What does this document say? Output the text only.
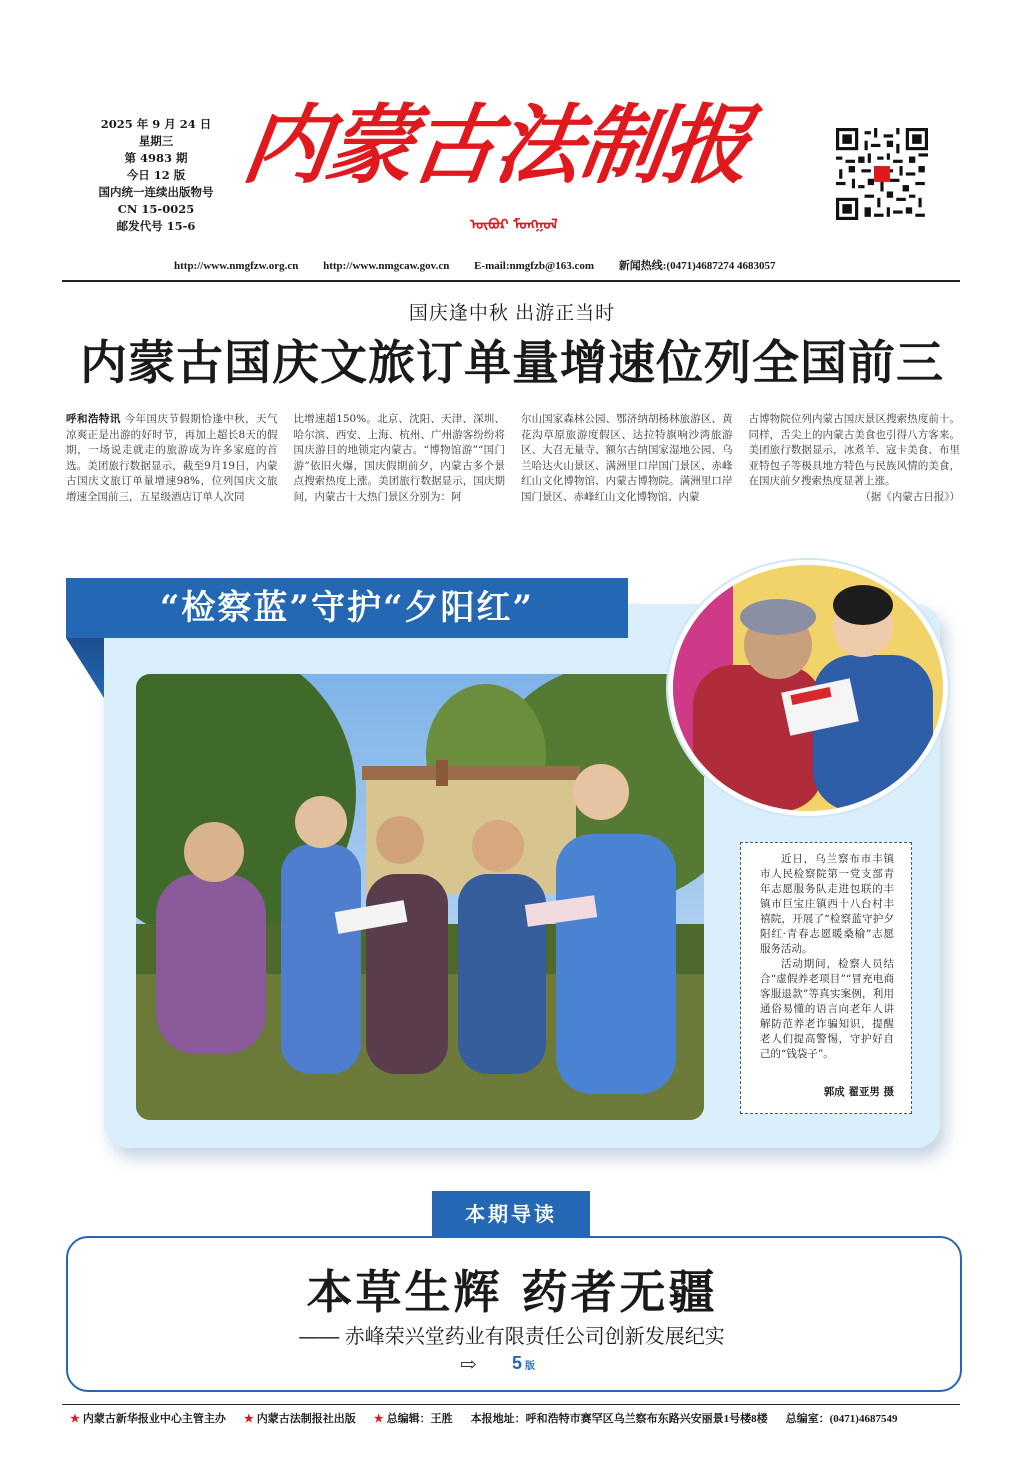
2025 年 9 月 24 日
星期三
第 4983 期
今日 12 版
国内统一连续出版物号
CN 15-0025
邮发代号 15-6
内蒙古法制报
ᠥᠪᠦᠷ ᠮᠣᠩᠭᠣᠯ
http://www.nmgfzw.org.cn http://www.nmgcaw.gov.cn E-mail:nmgfzb@163.com 新闻热线:(0471)4687274 4683057
国庆逢中秋 出游正当时
内蒙古国庆文旅订单量增速位列全国前三
呼和浩特讯 今年国庆节假期恰逢中秋，天气凉爽正是出游的好时节，再加上超长8天的假期，一场说走就走的旅游成为许多家庭的首选。美团旅行数据显示，截至9月19日，内蒙古国庆文旅订单量增速98%，位列国庆文旅增速全国前三，五星级酒店订单人次同
比增速超150%。北京、沈阳、天津、深圳、哈尔滨、西安、上海、杭州、广州游客纷纷将国庆游目的地锁定内蒙古。“博物馆游”“国门游”依旧火爆，国庆假期前夕，内蒙古多个景点搜索热度上涨。美团旅行数据显示，国庆期间，内蒙古十大热门景区分别为：阿
尔山国家森林公园、鄂济纳胡杨林旅游区、黄花沟草原旅游度假区、达拉特旗响沙湾旅游区、大召无量寺、额尔古纳国家湿地公园、乌兰哈达火山景区、满洲里口岸国门景区、赤峰红山文化博物馆、内蒙古博物院。满洲里口岸国门景区、赤峰红山文化博物馆、内蒙
古博物院位列内蒙古国庆景区搜索热度前十。同样，舌尖上的内蒙古美食也引得八方客来。美团旅行数据显示，冰煮羊、寇卡美食、布里亚特包子等极具地方特色与民族风情的美食，在国庆前夕搜索热度显著上涨。
（据《内蒙古日报》）
“检察蓝”守护“夕阳红”
近日，乌兰察布市丰镇市人民检察院第一党支部青年志愿服务队走进包联的丰镇市巨宝庄镇西十八台村丰禧院，开展了“检察蓝守护夕阳红·青春志愿暖桑榆”志愿服务活动。
活动期间，检察人员结合“虚假养老项目”“冒充电商客服退款”等真实案例，利用通俗易懂的语言向老年人讲解防范养老诈骗知识，提醒老人们提高警惕，守护好自己的“钱袋子”。
郭成 翟亚男 摄
本期导读
本草生辉 药者无疆
—— 赤峰荣兴堂药业有限责任公司创新发展纪实
⇨ 5 版
★ 内蒙古新华报业中心主管主办 ★ 内蒙古法制报社出版 ★ 总编辑：王胜 本报地址：呼和浩特市赛罕区乌兰察布东路兴安丽景1号楼8楼 总编室：(0471)4687549
